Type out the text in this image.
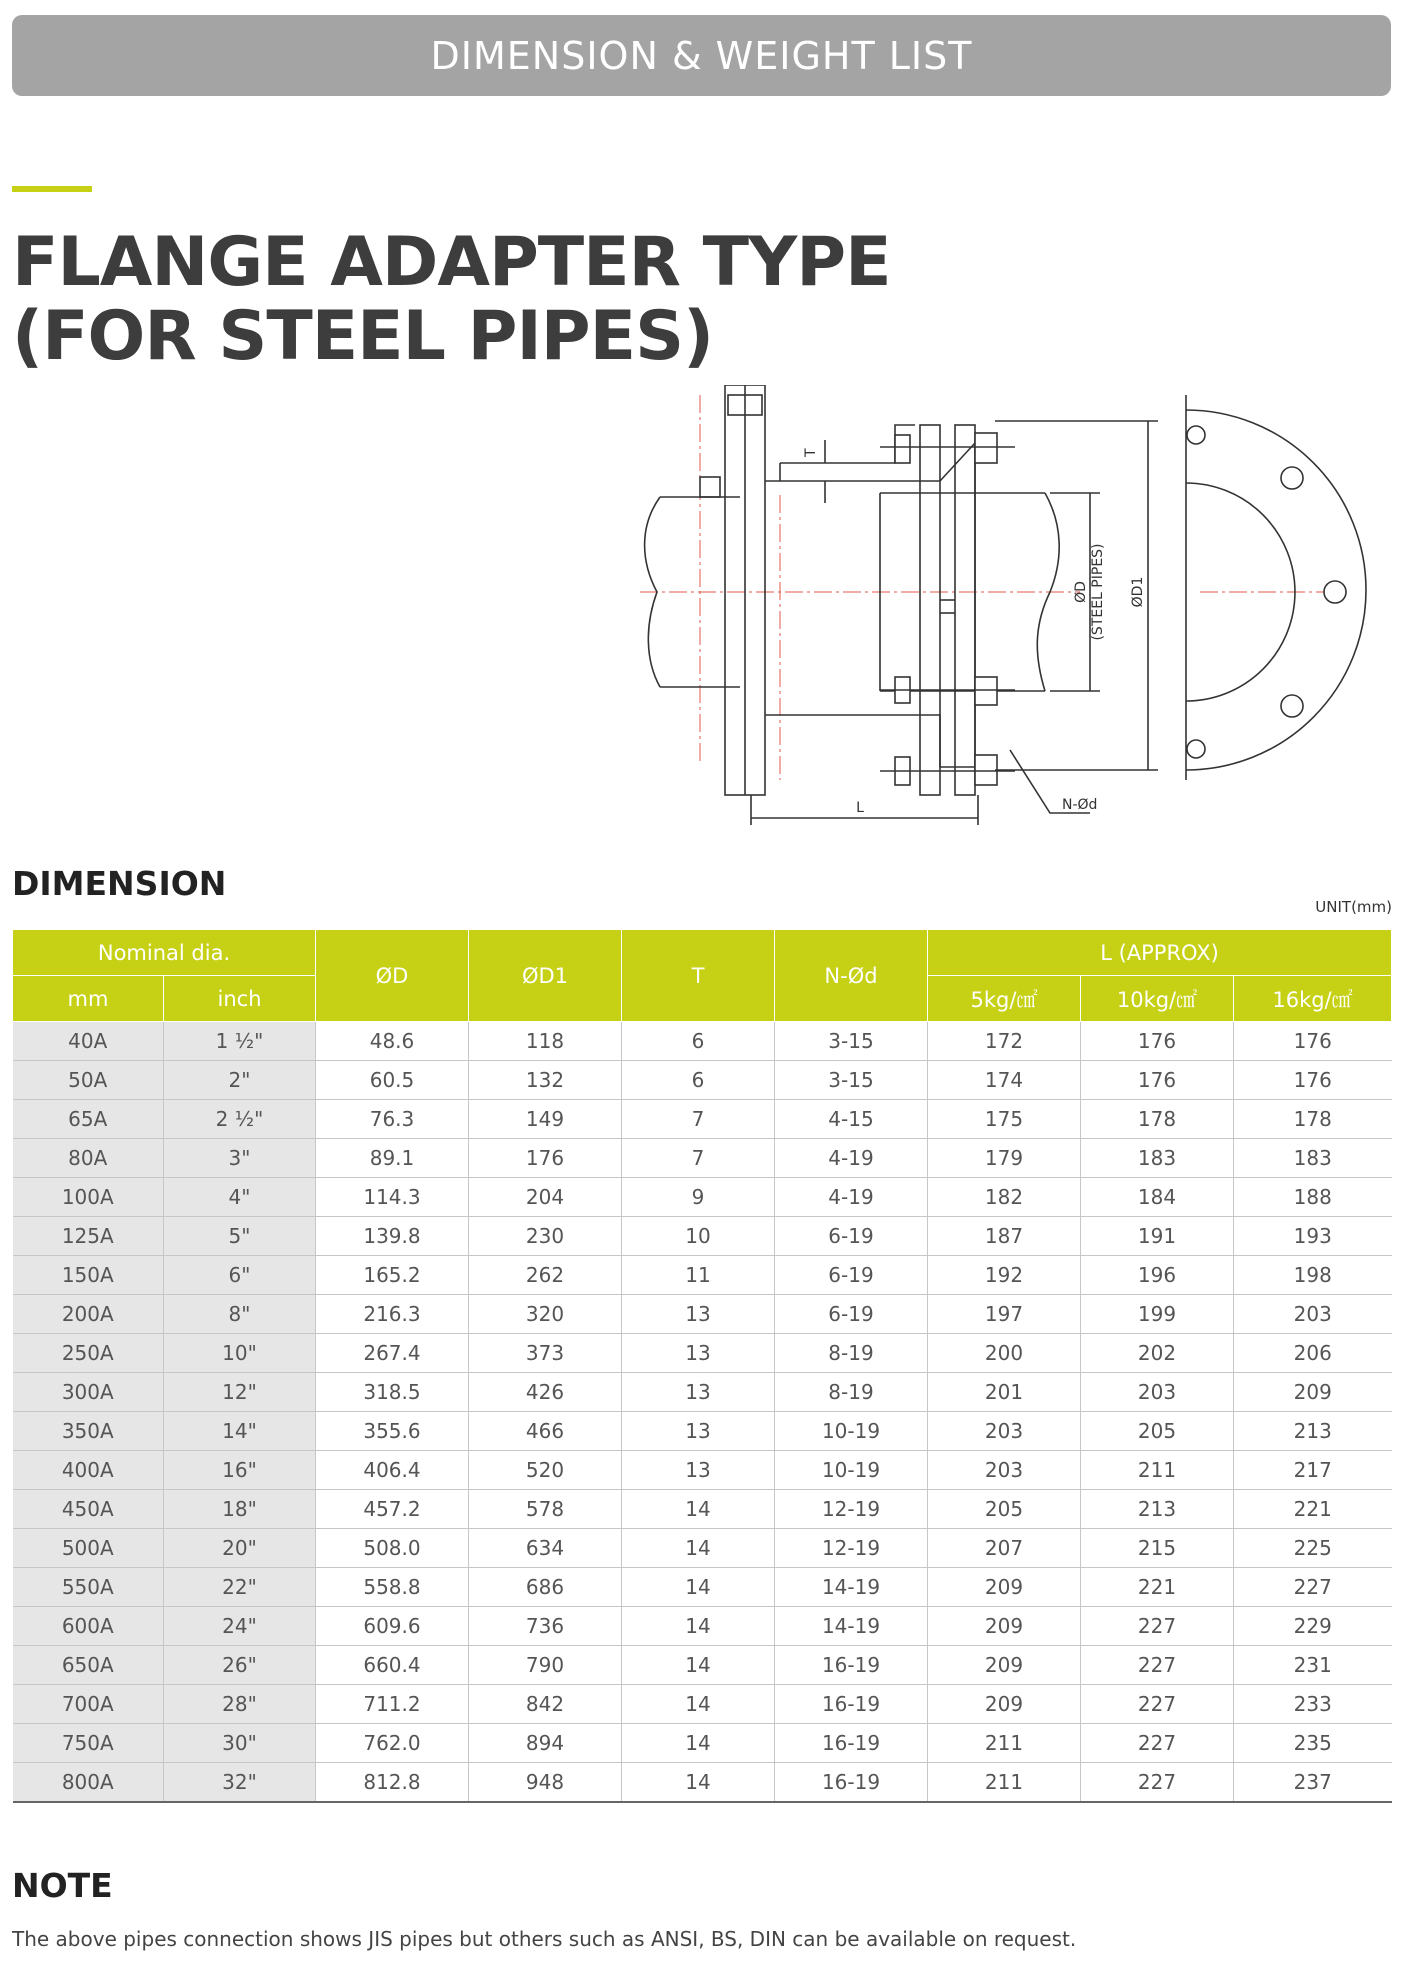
DIMENSION & WEIGHT LIST
FLANGE ADAPTER TYPE
(FOR STEEL PIPES)
T
ØD (STEEL PIPES) ØD1
L	N-Ød
DIMENSION
UNIT(mm)
Nominal dia.		ØD	ØD1	T	N-Ød	L (APPROX)		
mm	inch					5kg/㎠	10kg/㎠	16kg/㎠
40A	1 ½"	48.6	118	6	3-15	172	176	176
50A	2"	60.5	132	6	3-15	174	176	176
65A	2 ½"	76.3	149	7	4-15	175	178	178
80A	3"	89.1	176	7	4-19	179	183	183
100A	4"	114.3	204	9	4-19	182	184	188
125A	5"	139.8	230	10	6-19	187	191	193
150A	6"	165.2	262	11	6-19	192	196	198
200A	8"	216.3	320	13	6-19	197	199	203
250A	10"	267.4	373	13	8-19	200	202	206
300A	12"	318.5	426	13	8-19	201	203	209
350A	14"	355.6	466	13	10-19	203	205	213
400A	16"	406.4	520	13	10-19	203	211	217
450A	18"	457.2	578	14	12-19	205	213	221
500A	20"	508.0	634	14	12-19	207	215	225
550A	22"	558.8	686	14	14-19	209	221	227
600A	24"	609.6	736	14	14-19	209	227	229
650A	26"	660.4	790	14	16-19	209	227	231
700A	28"	711.2	842	14	16-19	209	227	233
750A	30"	762.0	894	14	16-19	211	227	235
800A	32"	812.8	948	14	16-19	211	227	237
NOTE

The above pipes connection shows JIS pipes but others such as ANSI, BS, DIN can be available on request.
